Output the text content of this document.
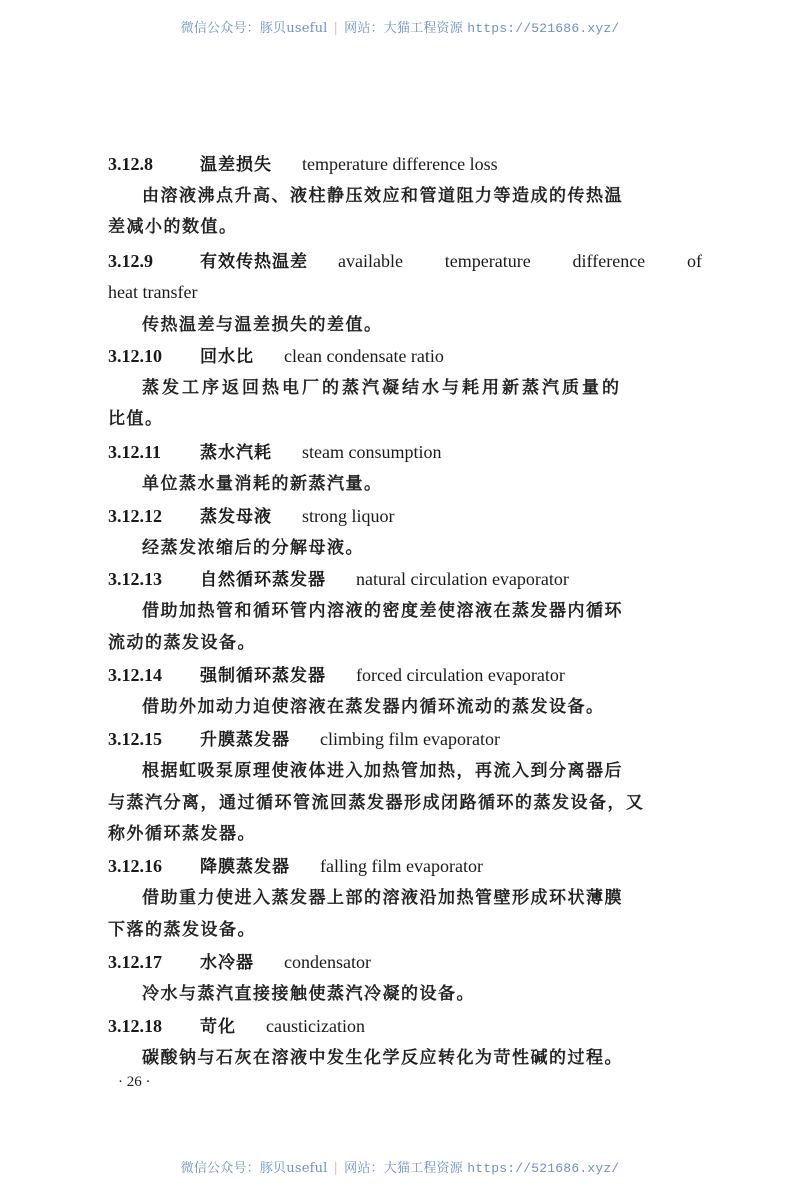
微信公众号：豚贝useful | 网站：大猫工程资源 https://521686.xyz/
3.12.8	温差损失 temperature difference loss
由溶液沸点升高、液柱静压效应和管道阻力等造成的传热温
差减小的数值。
3.12.9	有效传热温差 available temperature difference of
heat transfer
传热温差与温差损失的差值。
3.12.10 回水比 clean condensate ratio
蒸发工序返回热电厂的蒸汽凝结水与耗用新蒸汽质量的
比值。
3.12.11 蒸水汽耗 steam consumption
单位蒸水量消耗的新蒸汽量。
3.12.12 蒸发母液 strong liquor
经蒸发浓缩后的分解母液。
3.12.13 自然循环蒸发器 natural circulation evaporator
借助加热管和循环管内溶液的密度差使溶液在蒸发器内循环
流动的蒸发设备。
3.12.14 强制循环蒸发器 forced circulation evaporator
借助外加动力迫使溶液在蒸发器内循环流动的蒸发设备。
3.12.15 升膜蒸发器 climbing film evaporator
根据虹吸泵原理使液体进入加热管加热，再流入到分离器后
与蒸汽分离，通过循环管流回蒸发器形成闭路循环的蒸发设备，又
称外循环蒸发器。
3.12.16 降膜蒸发器 falling film evaporator
借助重力使进入蒸发器上部的溶液沿加热管壁形成环状薄膜
下落的蒸发设备。
3.12.17 水冷器 condensator
冷水与蒸汽直接接触使蒸汽冷凝的设备。
3.12.18 苛化 causticization
碳酸钠与石灰在溶液中发生化学反应转化为苛性碱的过程。
· 26 ·
微信公众号：豚贝useful | 网站：大猫工程资源 https://521686.xyz/
